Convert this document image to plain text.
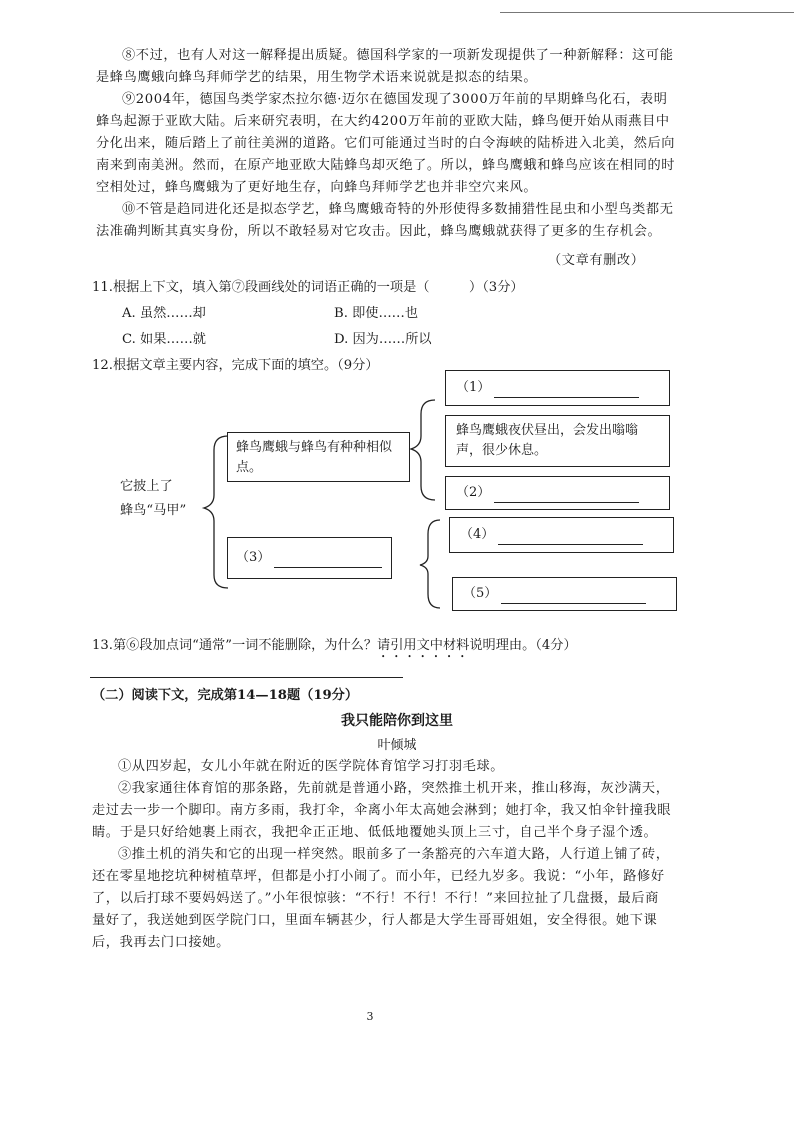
⑧不过，也有人对这一解释提出质疑。德国科学家的一项新发现提供了一种新解释：这可能是蜂鸟鹰蛾向蜂鸟拜师学艺的结果，用生物学术语来说就是拟态的结果。

⑨2004年，德国鸟类学家杰拉尔德·迈尔在德国发现了3000万年前的早期蜂鸟化石，表明蜂鸟起源于亚欧大陆。后来研究表明，在大约4200万年前的亚欧大陆，蜂鸟便开始从雨燕目中分化出来，随后踏上了前往美洲的道路。它们可能通过当时的白令海峡的陆桥进入北美，然后向南来到南美洲。然而，在原产地亚欧大陆蜂鸟却灭绝了。所以，蜂鸟鹰蛾和蜂鸟应该在相同的时空相处过，蜂鸟鹰蛾为了更好地生存，向蜂鸟拜师学艺也并非空穴来风。

⑩不管是趋同进化还是拟态学艺，蜂鸟鹰蛾奇特的外形使得多数捕猎性昆虫和小型鸟类都无法准确判断其真实身份，所以不敢轻易对它攻击。因此，蜂鸟鹰蛾就获得了更多的生存机会。

（文章有删改）
11.根据上下文，填入第⑦段画线处的词语正确的一项是（　　　）（3分）
A. 虽然……却	B. 即使……也
C. 如果……就	D. 因为……所以
12.根据文章主要内容，完成下面的填空。（9分）
它披上了
蜂鸟“马甲”
蜂鸟鹰蛾与蜂鸟有种种相似点。
（3）
（1）
蜂鸟鹰蛾夜伏昼出，会发出嗡嗡声，很少休息。
（2）
（4）
（5）
13.第⑥段加点词“通常”一词不能删除，为什么？请引用文中材料说明理由。（4分）
（二）阅读下文，完成第14—18题（19分）
我只能陪你到这里
叶倾城

①从四岁起，女儿小年就在附近的医学院体育馆学习打羽毛球。

②我家通往体育馆的那条路，先前就是普通小路，突然推土机开来，推山移海，灰沙满天，走过去一步一个脚印。南方多雨，我打伞，伞离小年太高她会淋到；她打伞，我又怕伞针撞我眼睛。于是只好给她裹上雨衣，我把伞正正地、低低地覆她头顶上三寸，自己半个身子湿个透。

③推土机的消失和它的出现一样突然。眼前多了一条豁亮的六车道大路，人行道上铺了砖，还在零星地挖坑种树植草坪，但都是小打小闹了。而小年，已经九岁多。我说：“小年，路修好了，以后打球不要妈妈送了。”小年很惊骇：“不行！不行！不行！”来回拉扯了几盘摄，最后商量好了，我送她到医学院门口，里面车辆甚少，行人都是大学生哥哥姐姐，安全得很。她下课后，我再去门口接她。

3
